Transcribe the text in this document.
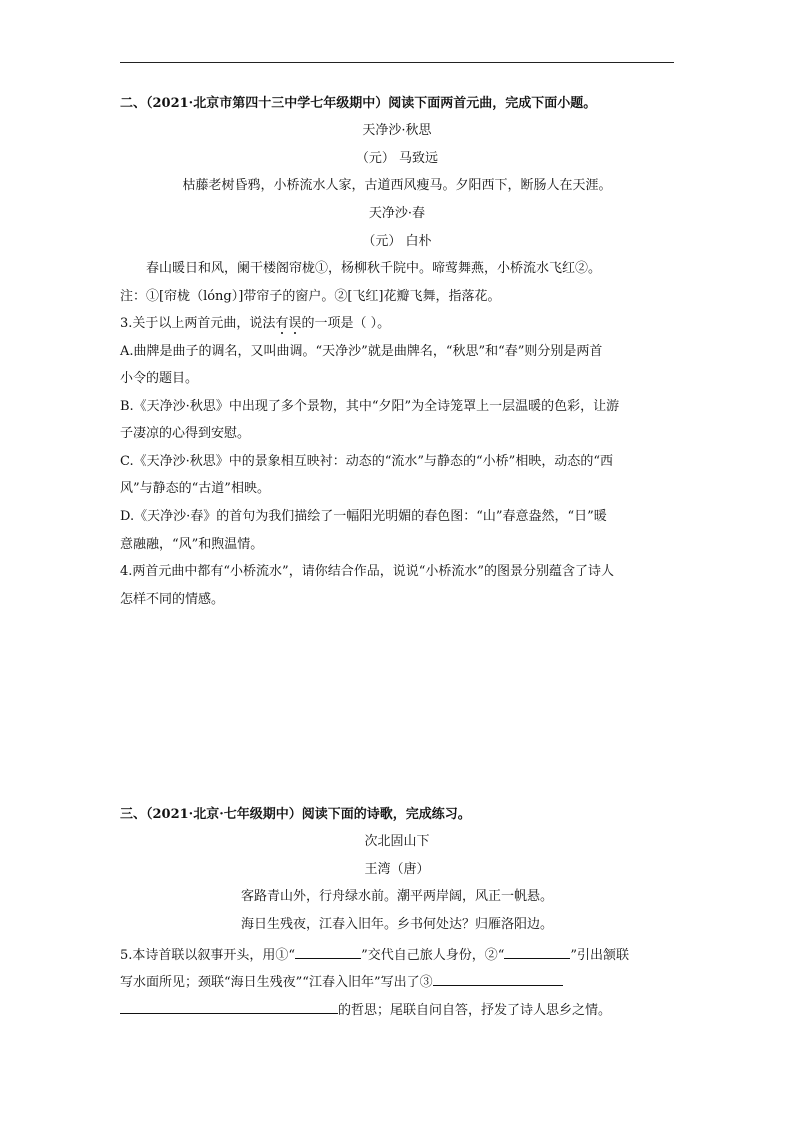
二、（2021·北京市第四十三中学七年级期中）阅读下面两首元曲，完成下面小题。
天净沙·秋思
（元） 马致远
枯藤老树昏鸦，小桥流水人家，古道西风瘦马。夕阳西下，断肠人在天涯。
天净沙·春
（元） 白朴
春山暖日和风，阑干楼阁帘栊①，杨柳秋千院中。啼莺舞燕，小桥流水飞红②。
注：①[帘栊（lóng）]带帘子的窗户。②[飞红]花瓣飞舞，指落花。
3.关于以上两首元曲，说法有误的一项是（ ）。
A.曲牌是曲子的调名，又叫曲调。“天净沙”就是曲牌名，“秋思”和“春”则分别是两首
小令的题目。
B.《天净沙·秋思》中出现了多个景物，其中“夕阳”为全诗笼罩上一层温暖的色彩，让游
子凄凉的心得到安慰。
C.《天净沙·秋思》中的景象相互映衬：动态的“流水”与静态的“小桥”相映，动态的“西
风”与静态的“古道”相映。
D.《天净沙·春》的首句为我们描绘了一幅阳光明媚的春色图：“山”春意盎然，“日”暖
意融融，“风”和煦温情。
4.两首元曲中都有“小桥流水”，请你结合作品，说说“小桥流水”的图景分别蕴含了诗人
怎样不同的情感。
三、（2021·北京·七年级期中）阅读下面的诗歌，完成练习。
次北固山下
王湾（唐）
客路青山外，行舟绿水前。潮平两岸阔，风正一帆悬。
海日生残夜，江春入旧年。乡书何处达？归雁洛阳边。
5.本诗首联以叙事开头，用①“	”交代自己旅人身份，②“	”引出颔联
写水面所见；颈联“海日生残夜”“江春入旧年”写出了③
的哲思；尾联自问自答，抒发了诗人思乡之情。
